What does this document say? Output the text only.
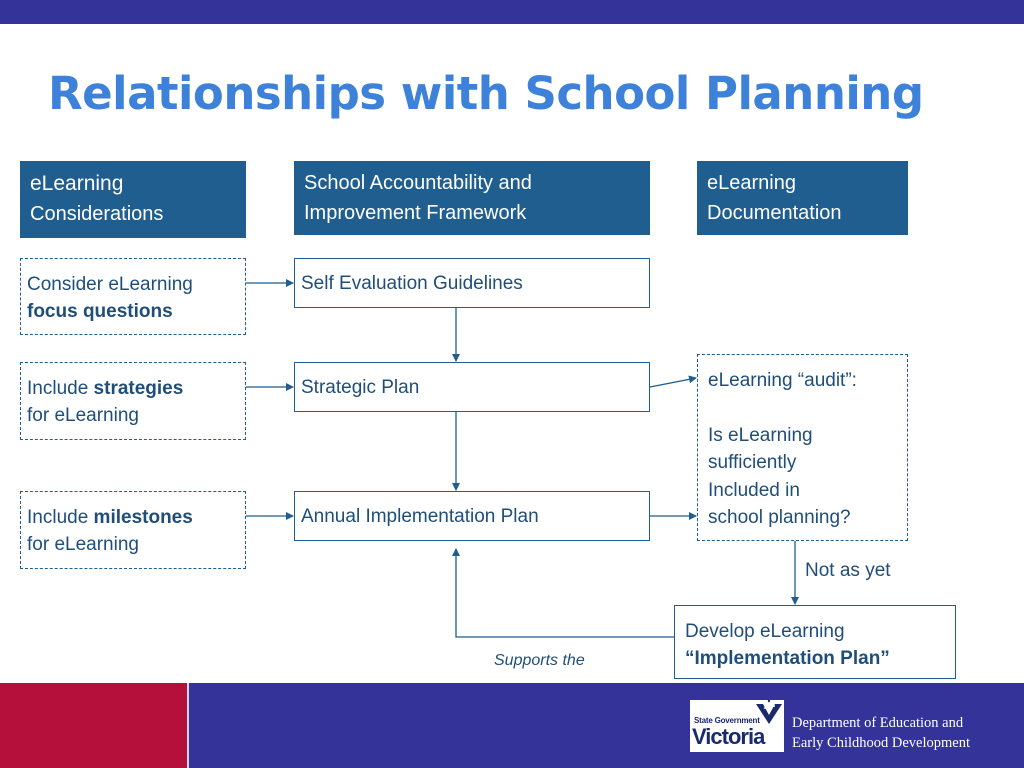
Relationships with School Planning
eLearning
Considerations
School Accountability and
Improvement Framework
eLearning
Documentation
Consider eLearning
focus questions
Include strategies
for eLearning
Include milestones
for eLearning
Self Evaluation Guidelines
Strategic Plan
Annual Implementation Plan
eLearning “audit”:
Is eLearning
sufficiently
Included in
school planning?
Develop eLearning
“Implementation Plan”
Not as yet
Supports the
State Government
Victoria
Department of Education and
Early Childhood Development
